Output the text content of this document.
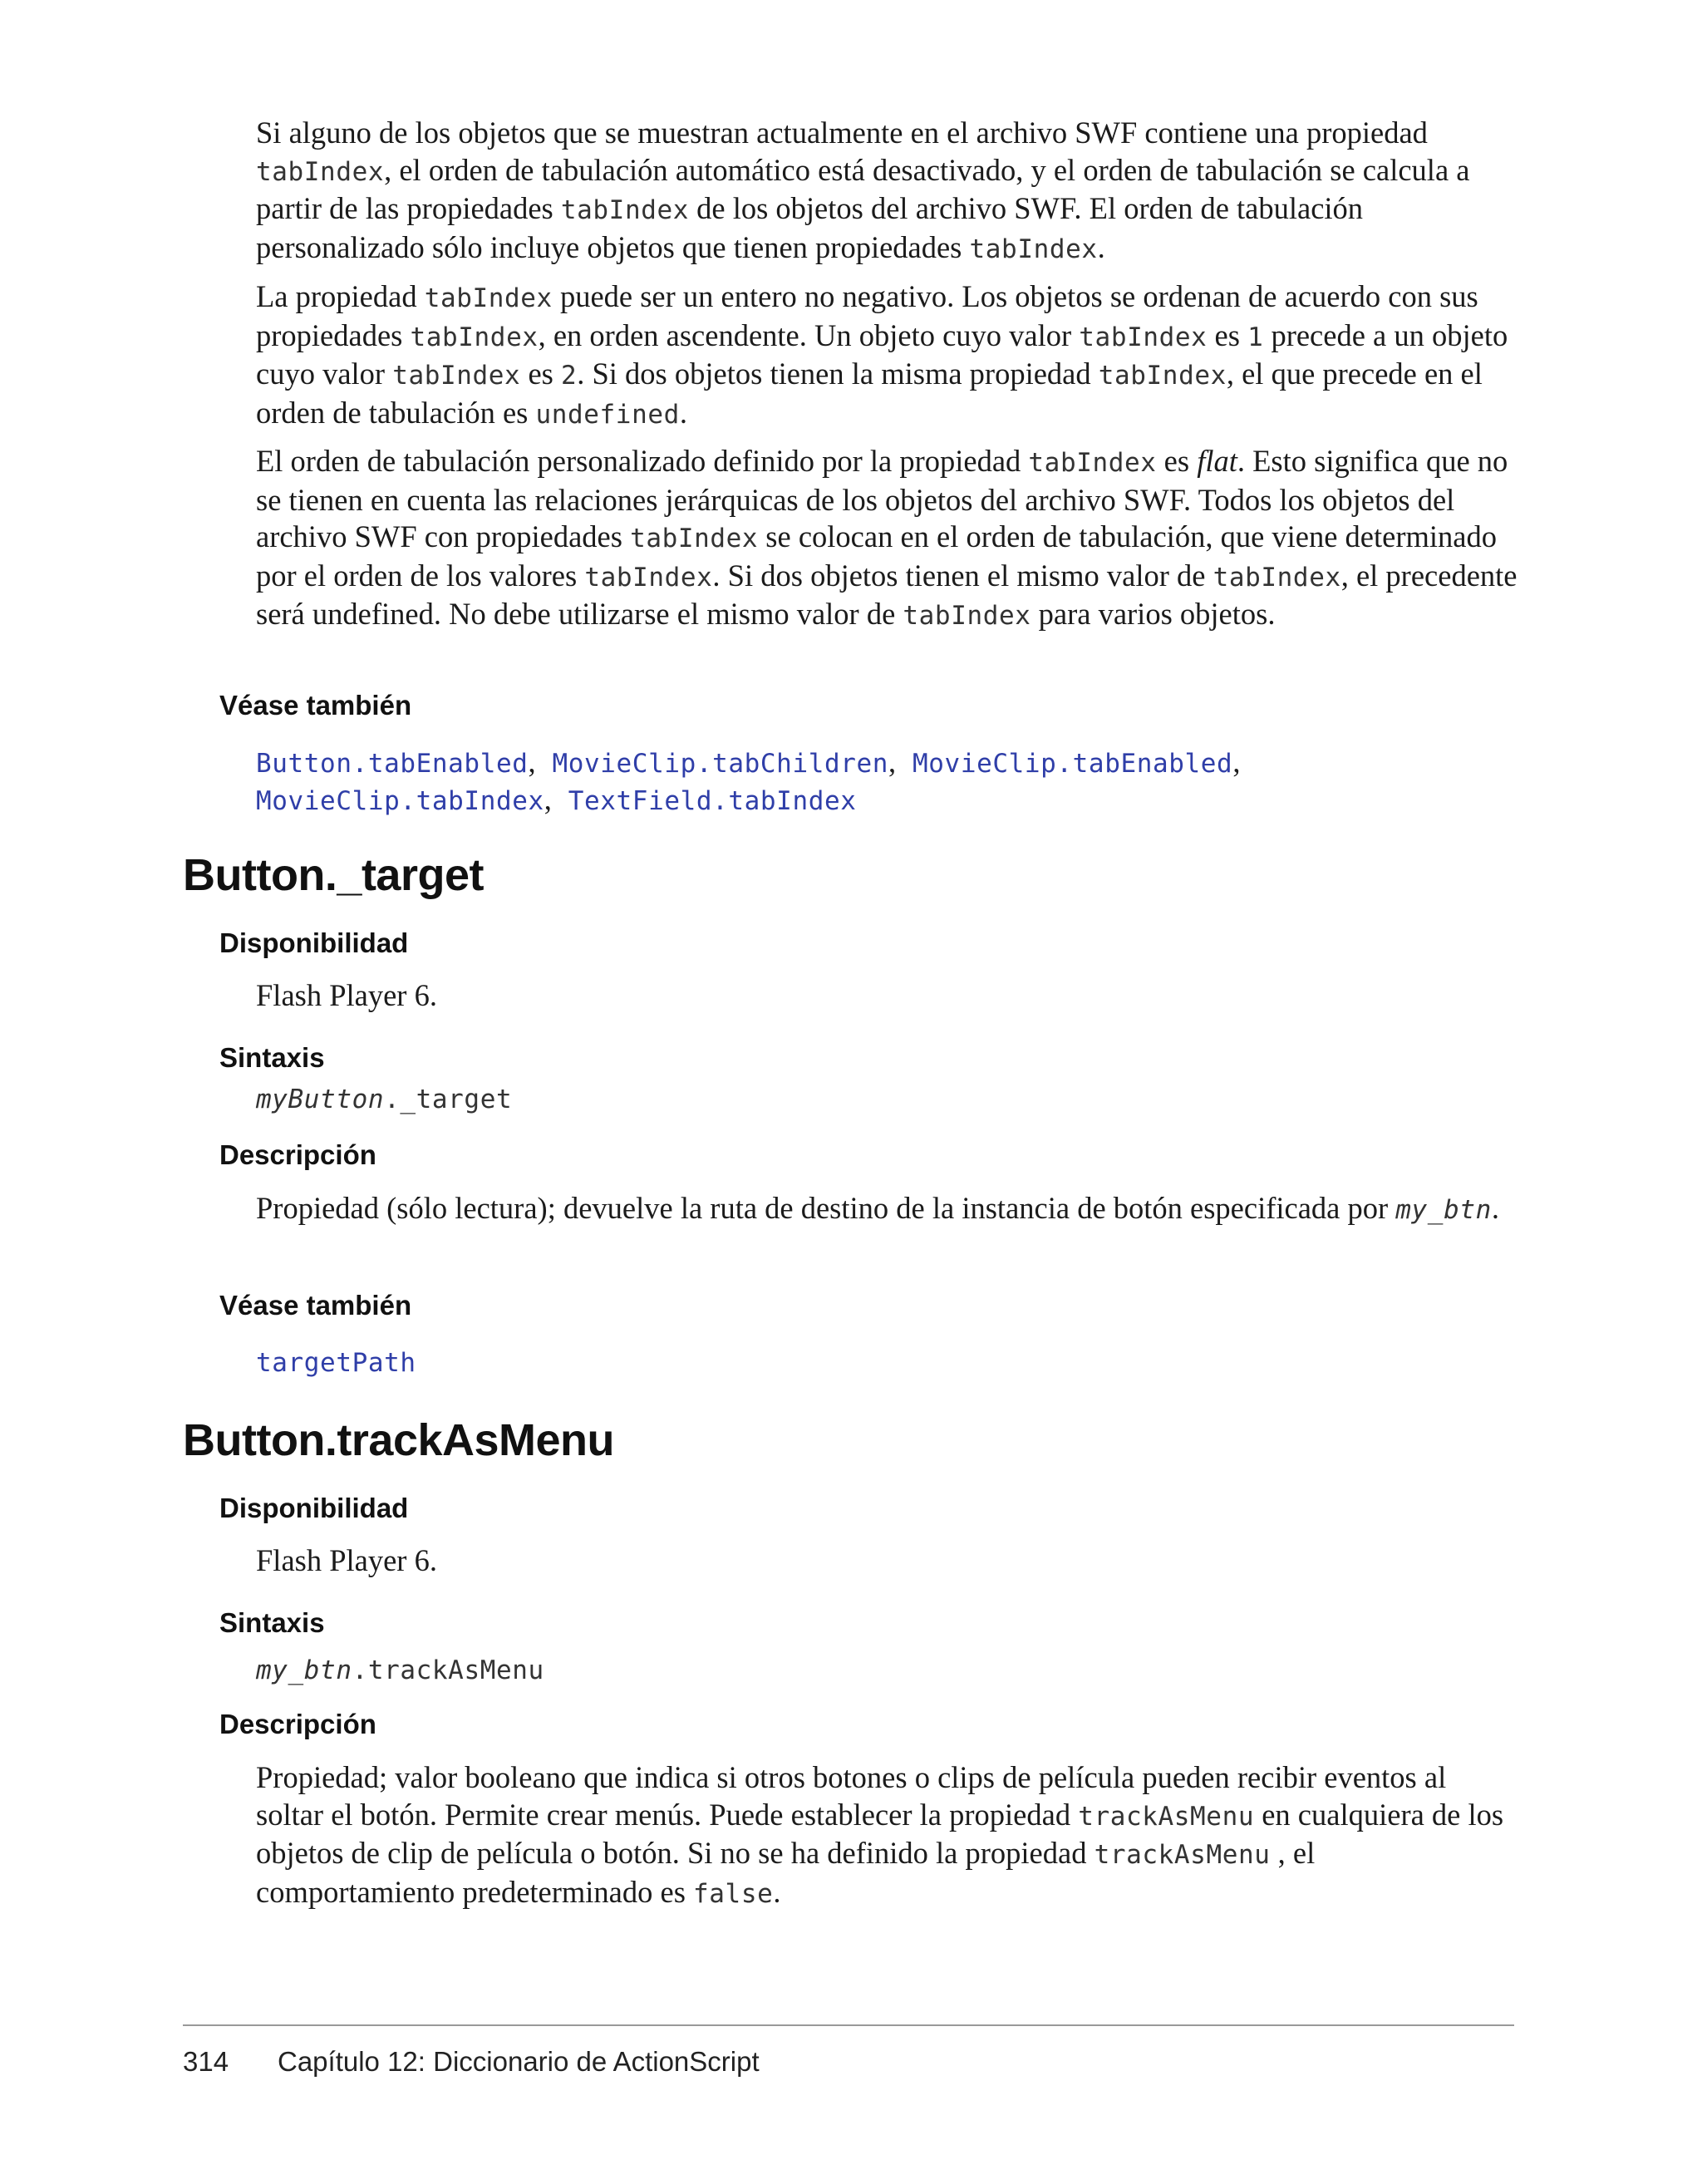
Si alguno de los objetos que se muestran actualmente en el archivo SWF contiene una propiedad tabIndex, el orden de tabulación automático está desactivado, y el orden de tabulación se calcula a partir de las propiedades tabIndex de los objetos del archivo SWF. El orden de tabulación personalizado sólo incluye objetos que tienen propiedades tabIndex.

La propiedad tabIndex puede ser un entero no negativo. Los objetos se ordenan de acuerdo con sus propiedades tabIndex, en orden ascendente. Un objeto cuyo valor tabIndex es 1 precede a un objeto cuyo valor tabIndex es 2. Si dos objetos tienen la misma propiedad tabIndex, el que precede en el orden de tabulación es undefined.

El orden de tabulación personalizado definido por la propiedad tabIndex es flat. Esto significa que no se tienen en cuenta las relaciones jerárquicas de los objetos del archivo SWF. Todos los objetos del archivo SWF con propiedades tabIndex se colocan en el orden de tabulación, que viene determinado por el orden de los valores tabIndex. Si dos objetos tienen el mismo valor de tabIndex, el precedente será undefined. No debe utilizarse el mismo valor de tabIndex para varios objetos.

Véase también

Button.tabEnabled, MovieClip.tabChildren, MovieClip.tabEnabled,

MovieClip.tabIndex, TextField.tabIndex

Button._target

Disponibilidad

Flash Player 6.

Sintaxis

myButton._target

Descripción

Propiedad (sólo lectura); devuelve la ruta de destino de la instancia de botón especificada por my_btn.

Véase también

targetPath

Button.trackAsMenu

Disponibilidad

Flash Player 6.

Sintaxis

my_btn.trackAsMenu

Descripción

Propiedad; valor booleano que indica si otros botones o clips de película pueden recibir eventos al soltar el botón. Permite crear menús. Puede establecer la propiedad trackAsMenu en cualquiera de los objetos de clip de película o botón. Si no se ha definido la propiedad trackAsMenu , el comportamiento predeterminado es false.

314 Capítulo 12: Diccionario de ActionScript
